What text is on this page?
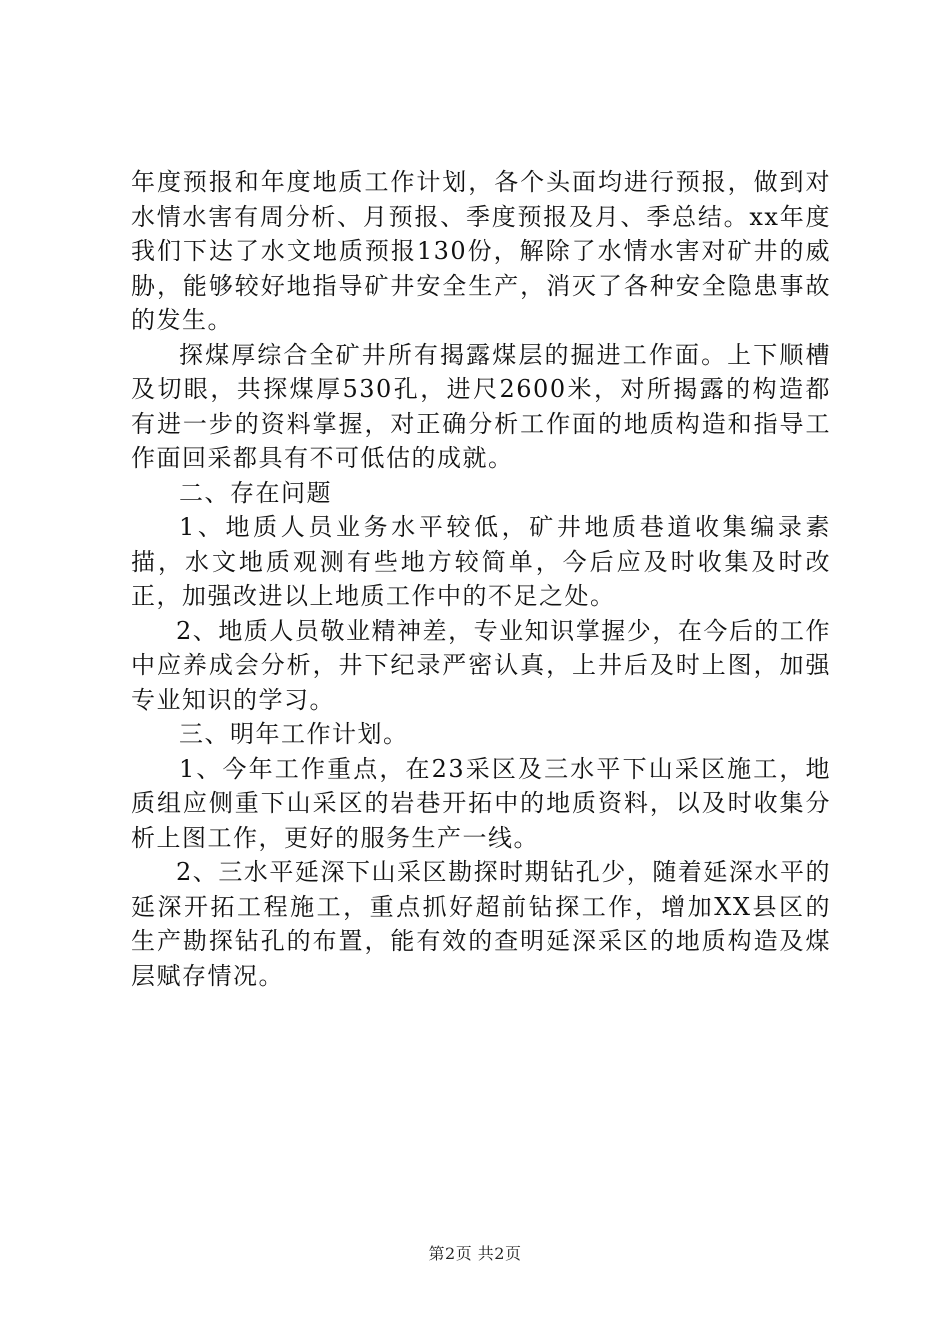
年度预报和年度地质工作计划，各个头面均进行预报，做到对水情水害有周分析、月预报、季度预报及月、季总结。xx年度我们下达了水文地质预报130份，解除了水情水害对矿井的威胁，能够较好地指导矿井安全生产，消灭了各种安全隐患事故的发生。

探煤厚综合全矿井所有揭露煤层的掘进工作面。上下顺槽及切眼，共探煤厚530孔，进尺2600米，对所揭露的构造都有进一步的资料掌握，对正确分析工作面的地质构造和指导工作面回采都具有不可低估的成就。

二、存在问题

1、地质人员业务水平较低，矿井地质巷道收集编录素描，水文地质观测有些地方较简单，今后应及时收集及时改正，加强改进以上地质工作中的不足之处。

2、地质人员敬业精神差，专业知识掌握少，在今后的工作中应养成会分析，井下纪录严密认真，上井后及时上图，加强专业知识的学习。

三、明年工作计划。

1、今年工作重点，在23采区及三水平下山采区施工，地质组应侧重下山采区的岩巷开拓中的地质资料，以及时收集分析上图工作，更好的服务生产一线。

2、三水平延深下山采区勘探时期钻孔少，随着延深水平的延深开拓工程施工，重点抓好超前钻探工作，增加XX县区的生产勘探钻孔的布置，能有效的查明延深采区的地质构造及煤层赋存情况。

第2页 共2页
